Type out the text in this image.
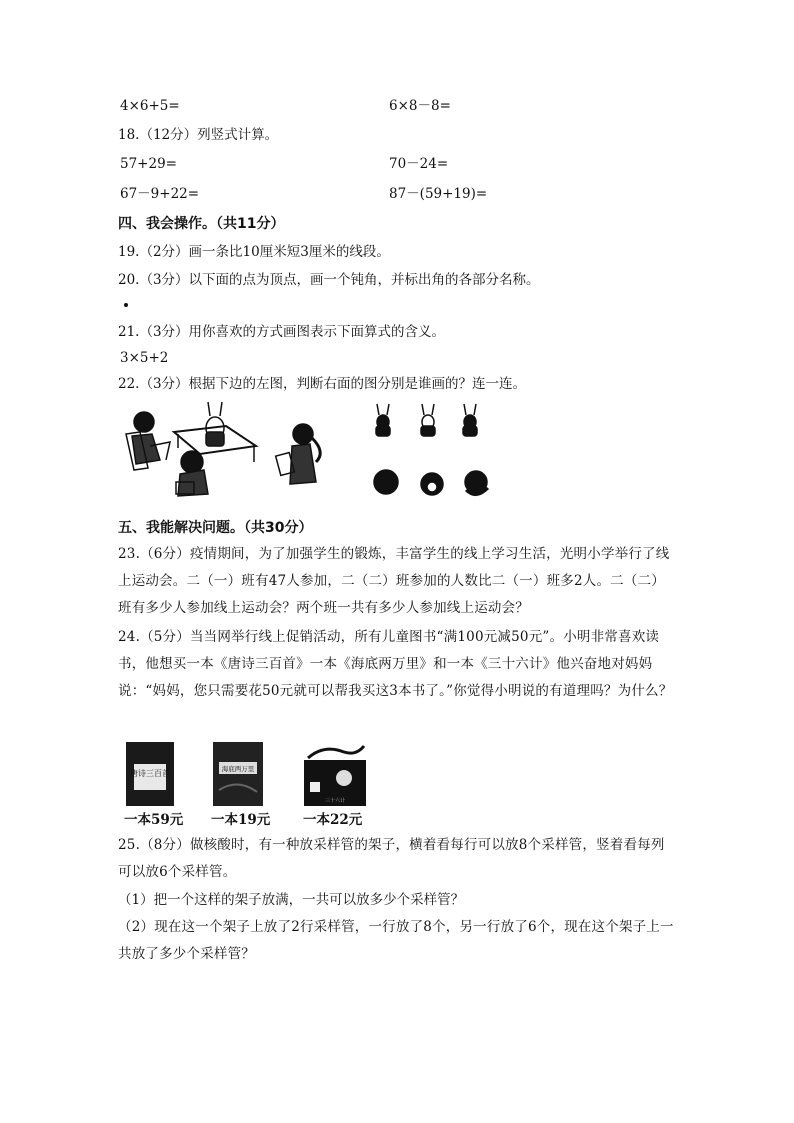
4×6+5=	6×8－8=
18.（12分）列竖式计算。
57+29=	70－24=
67－9+22=	87－(59+19)=
四、我会操作。（共11分）
19.（2分）画一条比10厘米短3厘米的线段。
20.（3分）以下面的点为顶点，画一个钝角，并标出角的各部分名称。
21.（3分）用你喜欢的方式画图表示下面算式的含义。
3×5+2
22.（3分）根据下边的左图，判断右面的图分别是谁画的？连一连。
五、我能解决问题。（共30分）
23.（6分）疫情期间，为了加强学生的锻炼，丰富学生的线上学习生活，光明小学举行了线上运动会。二（一）班有47人参加，二（二）班参加的人数比二（一）班多2人。二（二）班有多少人参加线上运动会？两个班一共有多少人参加线上运动会？
24.（5分）当当网举行线上促销活动，所有儿童图书“满100元减50元”。小明非常喜欢读书，他想买一本《唐诗三百首》一本《海底两万里》和一本《三十六计》他兴奋地对妈妈说：“妈妈，您只需要花50元就可以帮我买这3本书了。”你觉得小明说的有道理吗？为什么？
唐诗三百首
一本59元
海底两万里
一本19元
三十六计
一本22元
25.（8分）做核酸时，有一种放采样管的架子，横着看每行可以放8个采样管，竖着看每列可以放6个采样管。
（1）把一个这样的架子放满，一共可以放多少个采样管？
（2）现在这一个架子上放了2行采样管，一行放了8个，另一行放了6个，现在这个架子上一共放了多少个采样管？
